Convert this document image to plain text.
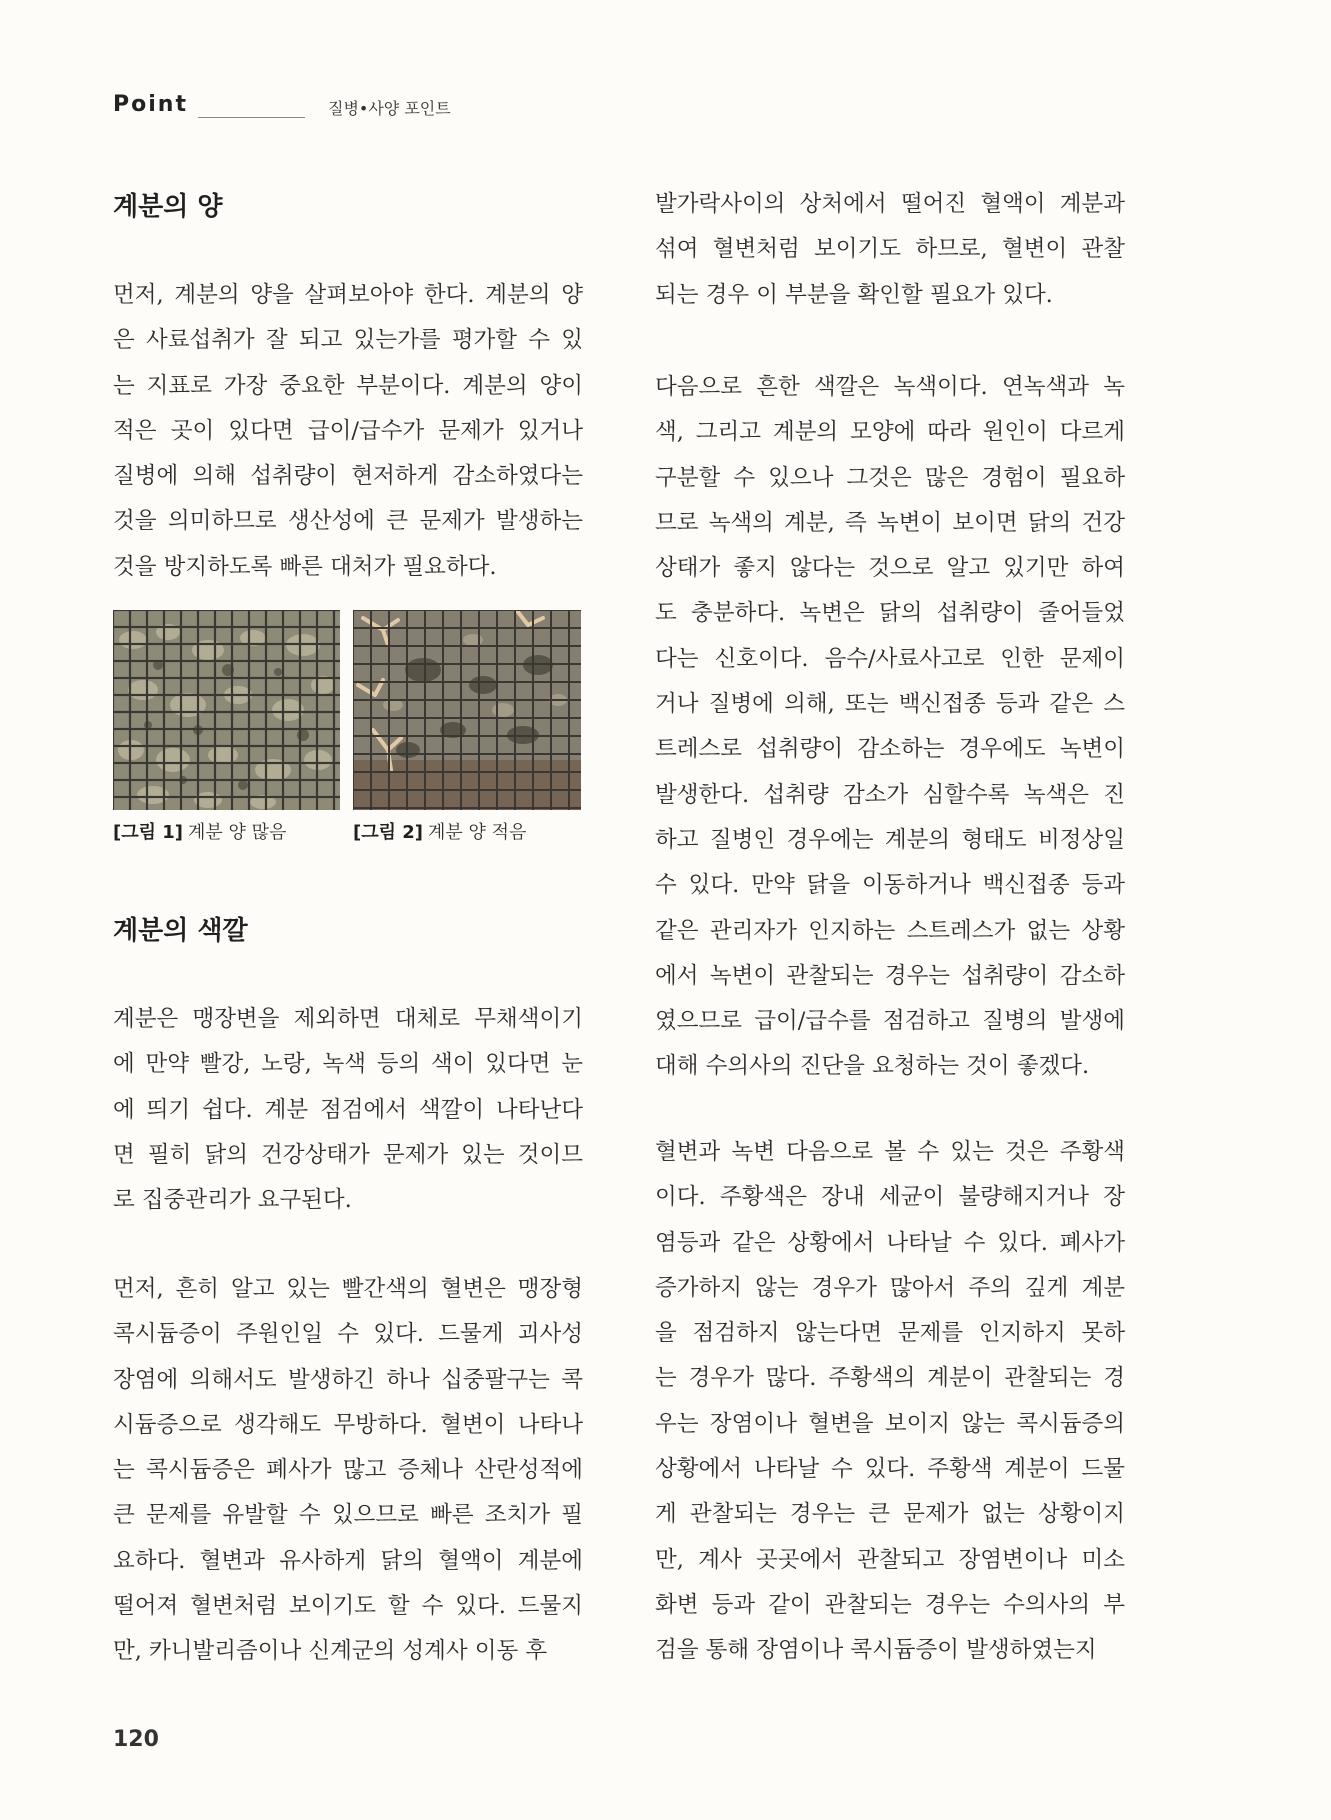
Point	질병•사양 포인트
계분의 양
먼저, 계분의 양을 살펴보아야 한다. 계분의 양
은 사료섭취가 잘 되고 있는가를 평가할 수 있
는 지표로 가장 중요한 부분이다. 계분의 양이
적은 곳이 있다면 급이/급수가 문제가 있거나
질병에 의해 섭취량이 현저하게 감소하였다는
것을 의미하므로 생산성에 큰 문제가 발생하는
것을 방지하도록 빠른 대처가 필요하다.
[그림 1] 계분 양 많음	[그림 2] 계분 양 적음
계분의 색깔
계분은 맹장변을 제외하면 대체로 무채색이기
에 만약 빨강, 노랑, 녹색 등의 색이 있다면 눈
에 띄기 쉽다. 계분 점검에서 색깔이 나타난다
면 필히 닭의 건강상태가 문제가 있는 것이므
로 집중관리가 요구된다.
먼저, 흔히 알고 있는 빨간색의 혈변은 맹장형
콕시듐증이 주원인일 수 있다. 드물게 괴사성
장염에 의해서도 발생하긴 하나 십중팔구는 콕
시듐증으로 생각해도 무방하다. 혈변이 나타나
는 콕시듐증은 폐사가 많고 증체나 산란성적에
큰 문제를 유발할 수 있으므로 빠른 조치가 필
요하다. 혈변과 유사하게 닭의 혈액이 계분에
떨어져 혈변처럼 보이기도 할 수 있다. 드물지
만, 카니발리즘이나 신계군의 성계사 이동 후
발가락사이의 상처에서 떨어진 혈액이 계분과
섞여 혈변처럼 보이기도 하므로, 혈변이 관찰
되는 경우 이 부분을 확인할 필요가 있다.
다음으로 흔한 색깔은 녹색이다. 연녹색과 녹
색, 그리고 계분의 모양에 따라 원인이 다르게
구분할 수 있으나 그것은 많은 경험이 필요하
므로 녹색의 계분, 즉 녹변이 보이면 닭의 건강
상태가 좋지 않다는 것으로 알고 있기만 하여
도 충분하다. 녹변은 닭의 섭취량이 줄어들었
다는 신호이다. 음수/사료사고로 인한 문제이
거나 질병에 의해, 또는 백신접종 등과 같은 스
트레스로 섭취량이 감소하는 경우에도 녹변이
발생한다. 섭취량 감소가 심할수록 녹색은 진
하고 질병인 경우에는 계분의 형태도 비정상일
수 있다. 만약 닭을 이동하거나 백신접종 등과
같은 관리자가 인지하는 스트레스가 없는 상황
에서 녹변이 관찰되는 경우는 섭취량이 감소하
였으므로 급이/급수를 점검하고 질병의 발생에
대해 수의사의 진단을 요청하는 것이 좋겠다.
혈변과 녹변 다음으로 볼 수 있는 것은 주황색
이다. 주황색은 장내 세균이 불량해지거나 장
염등과 같은 상황에서 나타날 수 있다. 폐사가
증가하지 않는 경우가 많아서 주의 깊게 계분
을 점검하지 않는다면 문제를 인지하지 못하
는 경우가 많다. 주황색의 계분이 관찰되는 경
우는 장염이나 혈변을 보이지 않는 콕시듐증의
상황에서 나타날 수 있다. 주황색 계분이 드물
게 관찰되는 경우는 큰 문제가 없는 상황이지
만, 계사 곳곳에서 관찰되고 장염변이나 미소
화변 등과 같이 관찰되는 경우는 수의사의 부
검을 통해 장염이나 콕시듐증이 발생하였는지
120
